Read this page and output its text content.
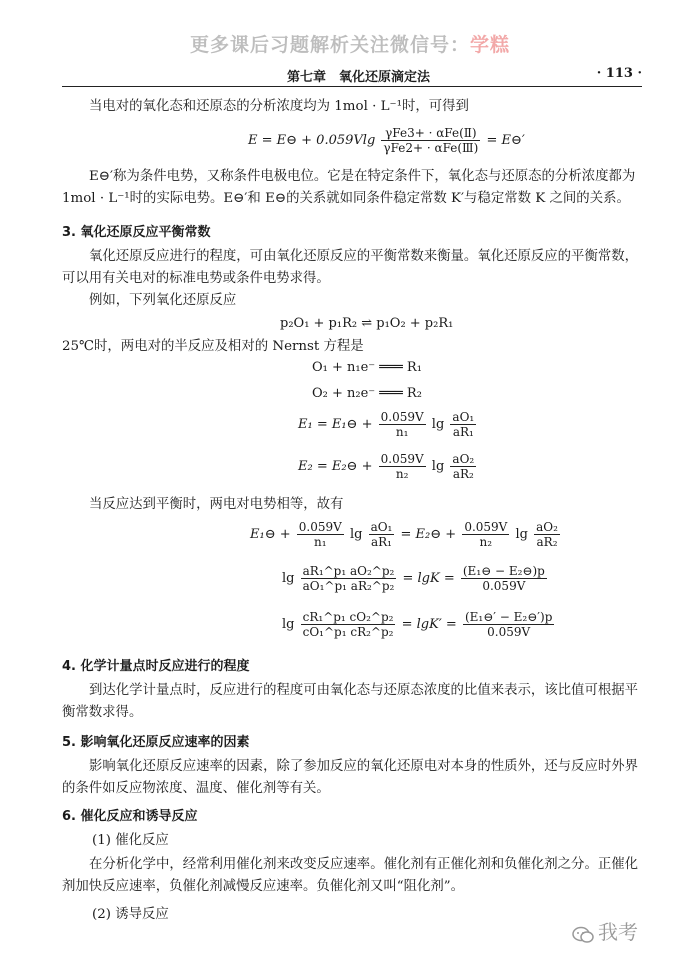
更多课后习题解析关注微信号：学糕
第七章　氧化还原滴定法	· 113 ·
当电对的氧化态和还原态的分析浓度均为 1mol · L⁻¹时，可得到
E = E⊖ + $0.059Vlg \frac{\text{γFe3+ · αFe(Ⅱ)}}{\text{γFe2+ · αFe(Ⅲ)}}$ = E⊖′
E⊖′称为条件电势，又称条件电极电位。它是在特定条件下，氧化态与还原态的分析浓度都为 1mol · L⁻¹时的实际电势。E⊖′和 E⊖的关系就如同条件稳定常数 K′与稳定常数 K 之间的关系。
3. 氧化还原反应平衡常数
氧化还原反应进行的程度，可由氧化还原反应的平衡常数来衡量。氧化还原反应的平衡常数，可以用有关电对的标准电势或条件电势求得。
例如，下列氧化还原反应
p₂O₁ + p₁R₂ ⇌ p₁O₂ + p₂R₁
25℃时，两电对的半反应及相对的 Nernst 方程是
O₁ + n₁e⁻ ═══ R₁
O₂ + n₂e⁻ ═══ R₂
E₁ = E₁⊖ + $\frac{0.059V}{\text{n₁}}$ $\lg \frac{\text{aO₁}}{\text{aR₁}}$
E₂ = E₂⊖ + $\frac{0.059V}{\text{n₂}}$ $\lg \frac{\text{aO₂}}{\text{aR₂}}$
当反应达到平衡时，两电对电势相等，故有
E₁⊖ + $\frac{0.059V}{\text{n₁}}$ $\lg \frac{\text{aO₁}}{\text{aR₁}}$ = E₂⊖ + $\frac{0.059V}{\text{n₂}}$ $\lg \frac{\text{aO₂}}{\text{aR₂}}$
$\lg \frac{\text{aR₁\textasciicircum{}p₁ aO₂\textasciicircum{}p₂}}{\text{aO₁\textasciicircum{}p₁ aR₂\textasciicircum{}p₂}} = \lg K = \frac{\text{(E₁⊖ − E₂⊖)p}}{0.059V}$
$\lg \frac{\text{cR₁\textasciicircum{}p₁ cO₂\textasciicircum{}p₂}}{\text{cO₁\textasciicircum{}p₁ cR₂\textasciicircum{}p₂}} = \lg K' = \frac{\text{(E₁⊖′ − E₂⊖′)p}}{0.059V}$
4. 化学计量点时反应进行的程度
到达化学计量点时，反应进行的程度可由氧化态与还原态浓度的比值来表示，该比值可根据平衡常数求得。
5. 影响氧化还原反应速率的因素
影响氧化还原反应速率的因素，除了参加反应的氧化还原电对本身的性质外，还与反应时外界的条件如反应物浓度、温度、催化剂等有关。
6. 催化反应和诱导反应
(1) 催化反应
在分析化学中，经常利用催化剂来改变反应速率。催化剂有正催化剂和负催化剂之分。正催化剂加快反应速率，负催化剂减慢反应速率。负催化剂又叫“阻化剂”。
(2) 诱导反应
我考
